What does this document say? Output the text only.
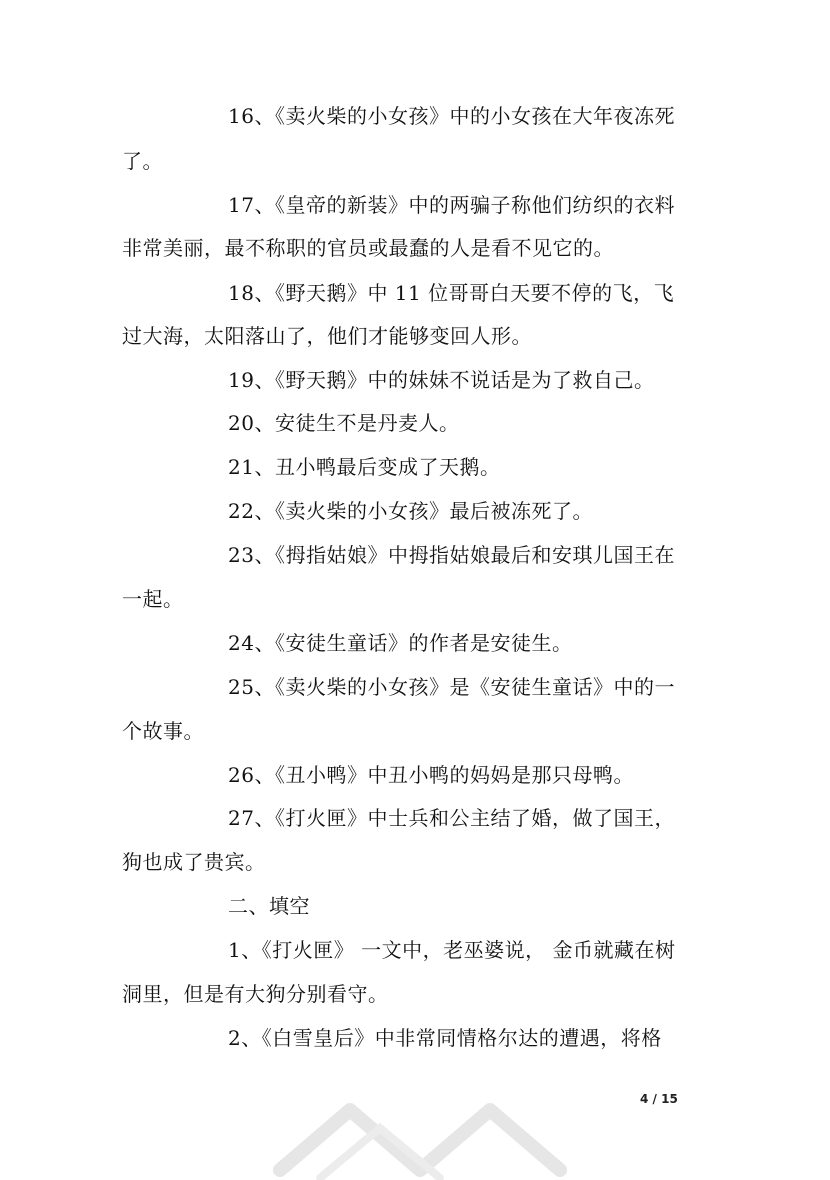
16、《卖火柴的小女孩》中的小女孩在大年夜冻死
了。
17、《皇帝的新装》中的两骗子称他们纺织的衣料
非常美丽，最不称职的官员或最蠢的人是看不见它的。
18、《野天鹅》中 11 位哥哥白天要不停的飞，飞
过大海，太阳落山了，他们才能够变回人形。
19、《野天鹅》中的妹妹不说话是为了救自己。
20、安徒生不是丹麦人。
21、丑小鸭最后变成了天鹅。
22、《卖火柴的小女孩》最后被冻死了。
23、《拇指姑娘》中拇指姑娘最后和安琪儿国王在
一起。
24、《安徒生童话》的作者是安徒生。
25、《卖火柴的小女孩》是《安徒生童话》中的一
个故事。
26、《丑小鸭》中丑小鸭的妈妈是那只母鸭。
27、《打火匣》中士兵和公主结了婚，做了国王，
狗也成了贵宾。
二、填空
1、《打火匣》 一文中，老巫婆说， 金币就藏在树
洞里，但是有大狗分别看守。
2、《白雪皇后》中非常同情格尔达的遭遇，将格
4 / 15
